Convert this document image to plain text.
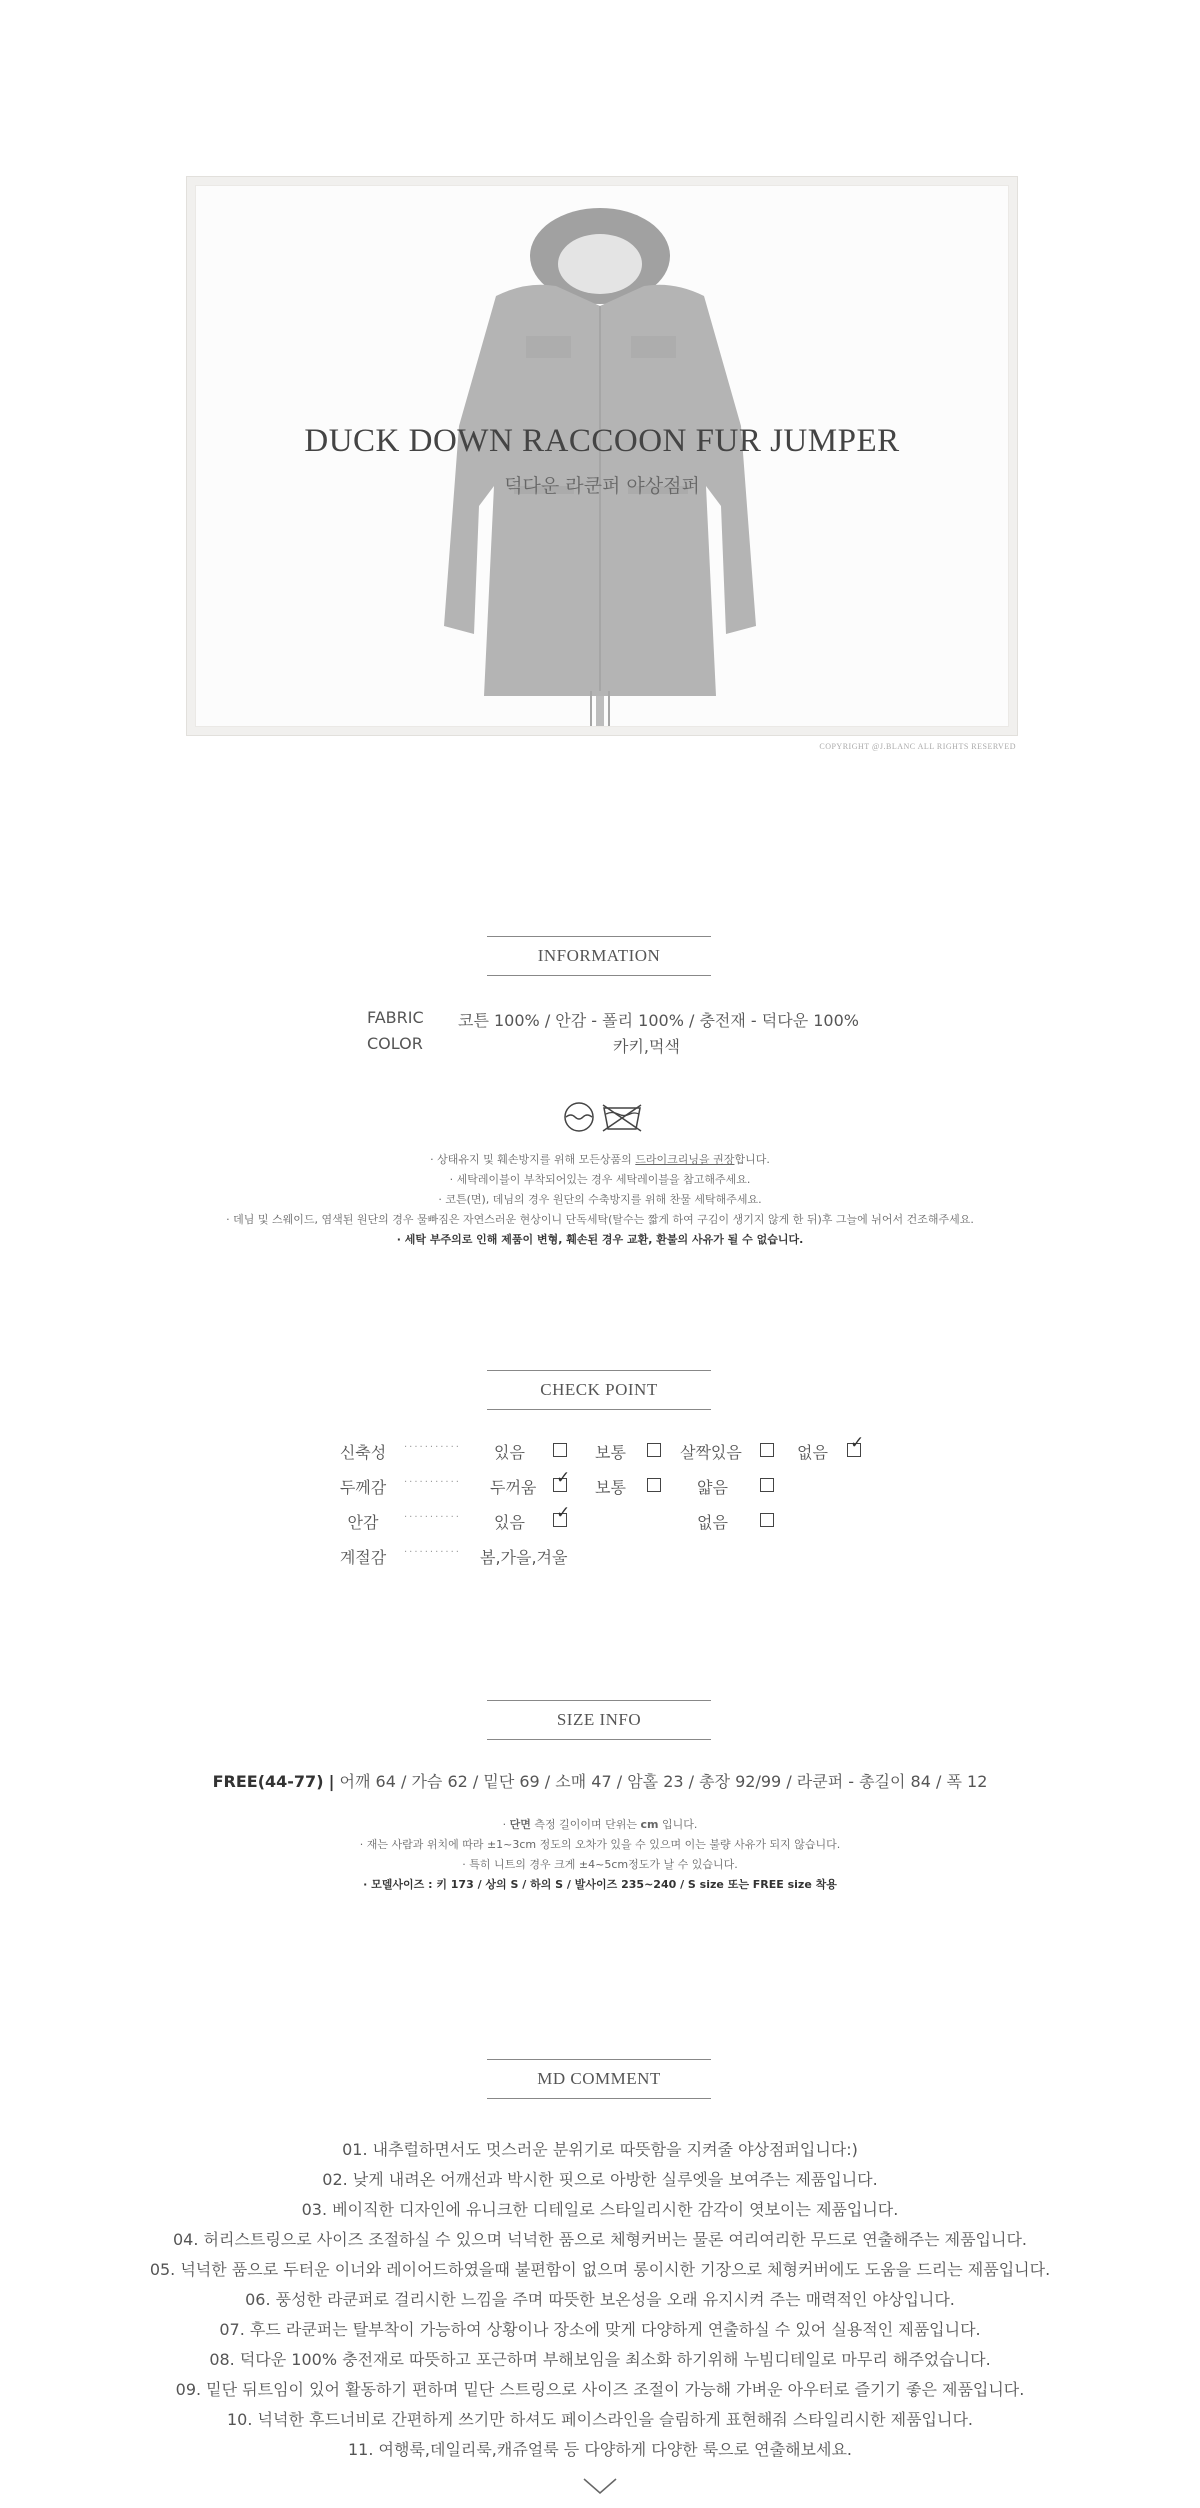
DUCK DOWN RACCOON FUR JUMPER
덕다운 라쿤퍼 야상점퍼
COPYRIGHT @J.BLANC ALL RIGHTS RESERVED
INFORMATION
FABRIC 코튼 100% / 안감 - 폴리 100% / 충전재 - 덕다운 100%
COLOR	카키,먹색
· 상태유지 및 훼손방지를 위해 모든상품의 드라이크리닝을 권장합니다.
· 세탁레이블이 부착되어있는 경우 세탁레이블을 참고해주세요.
· 코튼(면), 데님의 경우 원단의 수축방지를 위해 찬물 세탁해주세요.
· 데님 및 스웨이드, 염색된 원단의 경우 물빠짐은 자연스러운 현상이니 단독세탁(탈수는 짧게 하여 구김이 생기지 않게 한 뒤)후 그늘에 뉘어서 건조해주세요.
· 세탁 부주의로 인해 제품이 변형, 훼손된 경우 교환, 환불의 사유가 될 수 없습니다.
CHECK POINT
신축성	··········· 있음	보통	살짝있음	없음 ✓
두께감	··········· 두꺼움 ✓ 보통	얇음
안감	··········· 있음 ✓	없음
계절감	··········· 봄,가을,겨울
SIZE INFO
FREE(44-77) | 어깨 64 / 가슴 62 / 밑단 69 / 소매 47 / 암홀 23 / 총장 92/99 / 라쿤퍼 - 총길이 84 / 폭 12
· 단면 측정 길이이며 단위는 cm 입니다.
· 재는 사람과 위치에 따라 ±1~3cm 정도의 오차가 있을 수 있으며 이는 불량 사유가 되지 않습니다.
· 특히 니트의 경우 크게 ±4~5cm정도가 날 수 있습니다.
· 모델사이즈 : 키 173 / 상의 S / 하의 S / 발사이즈 235~240 / S size 또는 FREE size 착용
MD COMMENT
01. 내추럴하면서도 멋스러운 분위기로 따뜻함을 지켜줄 야상점퍼입니다:)
02. 낮게 내려온 어깨선과 박시한 핏으로 아방한 실루엣을 보여주는 제품입니다.
03. 베이직한 디자인에 유니크한 디테일로 스타일리시한 감각이 엿보이는 제품입니다.
04. 허리스트링으로 사이즈 조절하실 수 있으며 넉넉한 품으로 체형커버는 물론 여리여리한 무드로 연출해주는 제품입니다.
05. 넉넉한 품으로 두터운 이너와 레이어드하였을때 불편함이 없으며 롱이시한 기장으로 체형커버에도 도움을 드리는 제품입니다.
06. 풍성한 라쿤퍼로 걸리시한 느낌을 주며 따뜻한 보온성을 오래 유지시켜 주는 매력적인 야상입니다.
07. 후드 라쿤퍼는 탈부착이 가능하여 상황이나 장소에 맞게 다양하게 연출하실 수 있어 실용적인 제품입니다.
08. 덕다운 100% 충전재로 따뜻하고 포근하며 부해보임을 최소화 하기위해 누빔디테일로 마무리 해주었습니다.
09. 밑단 뒤트임이 있어 활동하기 편하며 밑단 스트링으로 사이즈 조절이 가능해 가벼운 아우터로 즐기기 좋은 제품입니다.
10. 넉넉한 후드너비로 간편하게 쓰기만 하셔도 페이스라인을 슬림하게 표현해줘 스타일리시한 제품입니다.
11. 여행룩,데일리룩,캐쥬얼룩 등 다양하게 다양한 룩으로 연출해보세요.
